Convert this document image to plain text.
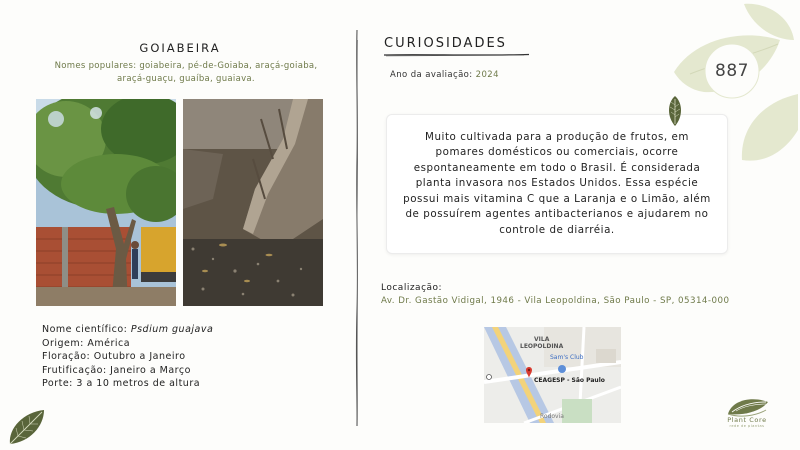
GOIABEIRA
Nomes populares: goiabeira, pé-de-Goiaba, araçá-goiaba, araçá-guaçu, guaíba, guaiava.
Nome científico: Psdium guajava
Origem: América
Floração: Outubro a Janeiro
Frutificação: Janeiro a Março
Porte: 3 a 10 metros de altura
CURIOSIDADES
Ano da avaliação: 2024

Muito cultivada para a produção de frutos, em pomares domésticos ou comerciais, ocorre espontaneamente em todo o Brasil. É considerada planta invasora nos Estados Unidos. Essa espécie possui mais vitamina C que a Laranja e o Limão, além de possuírem agentes antibacterianos e ajudarem no controle de diarréia.

Localização:
Av. Dr. Gastão Vidigal, 1946 - Vila Leopoldina, São Paulo - SP, 05314-000
VILA
LEOPOLDINA
Sam's Club
CEAGESP - São Paulo
Rodovia
887
Plant Core
rede de plantas
